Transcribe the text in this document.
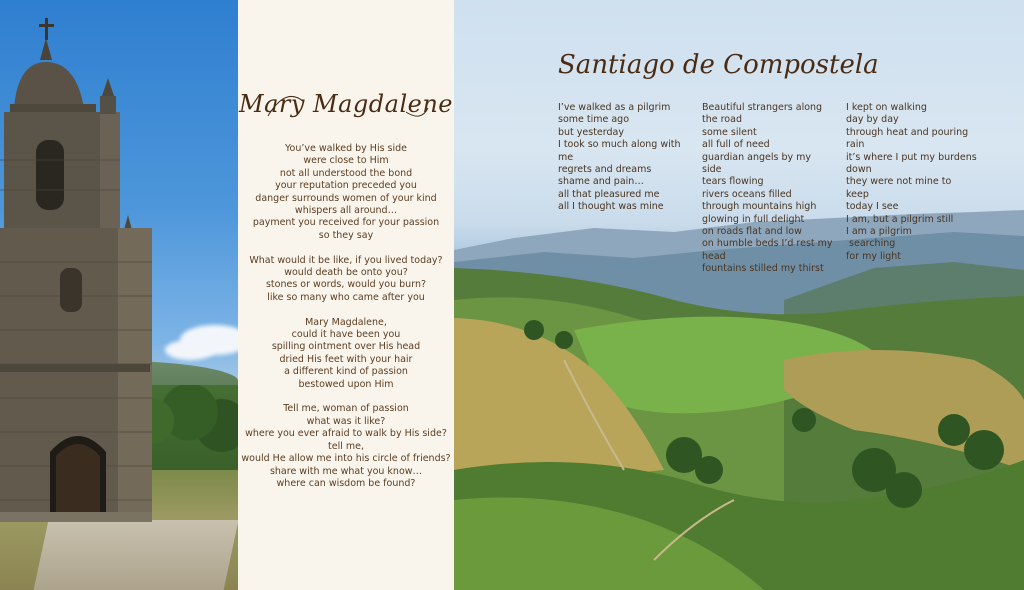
Mary Magdalene
You’ve walked by His side
were close to Him
not all understood the bond
your reputation preceded you
danger surrounds women of your kind
whispers all around…
payment you received for your passion
so they say
What would it be like, if you lived today?
would death be onto you?
stones or words, would you burn?
like so many who came after you
Mary Magdalene,
could it have been you
spilling ointment over His head
dried His feet with your hair
a different kind of passion
bestowed upon Him
Tell me, woman of passion
what was it like?
where you ever afraid to walk by His side?
tell me,
would He allow me into his circle of friends?
share with me what you know…
where can wisdom be found?
Santiago de Compostela
I’ve walked as a pilgrim
some time ago
but yesterday
I took so much along with
me
regrets and dreams
shame and pain…
all that pleasured me
all I thought was mine
Beautiful strangers along
the road
some silent
all full of need
guardian angels by my
side
tears flowing
rivers oceans filled
through mountains high
glowing in full delight
on roads flat and low
on humble beds I’d rest my
head
fountains stilled my thirst
I kept on walking
day by day
through heat and pouring
rain
it’s where I put my burdens
down
they were not mine to
keep
today I see
I am, but a pilgrim still
I am a pilgrim
searching
for my light
